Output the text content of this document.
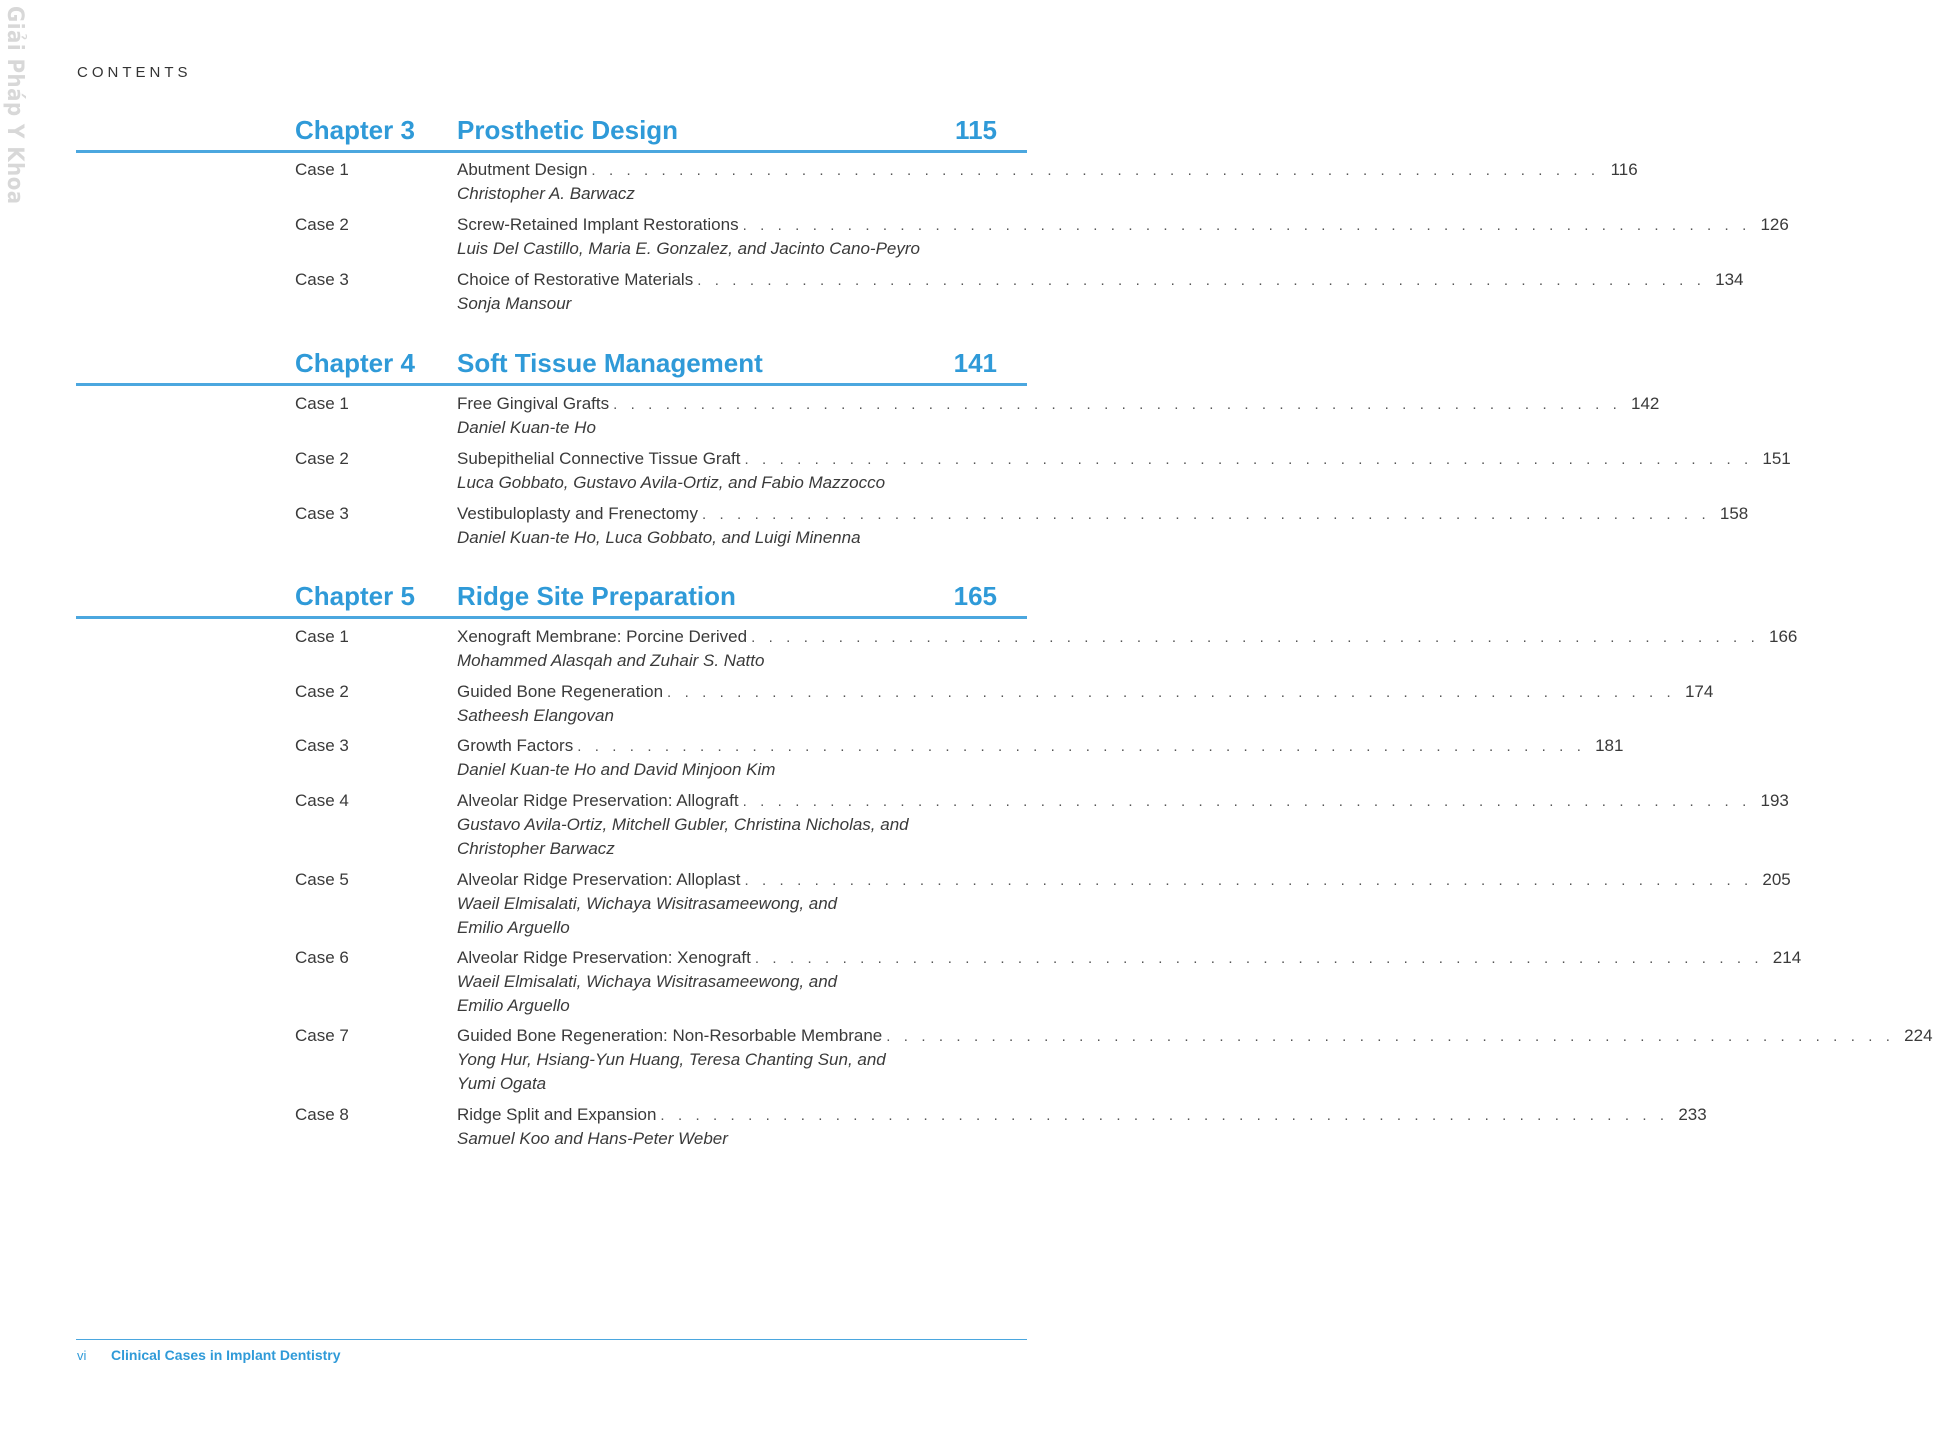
Giải Pháp Y Khoa	CONTENTS
Chapter 3 Prosthetic Design	115
Case 1	Abutment Design . . . . . . . . . . . . . . . . . . . . . . . . . . . . . . . . . . . . . . . . . . . . . . . . . . . . . . . . . . 116
Christopher A. Barwacz
Case 2	Screw-Retained Implant Restorations . . . . . . . . . . . . . . . . . . . . . . . . . . . . . . . . . . . . . . . . . . . . . . . . . . . . . . . . . . 126
Luis Del Castillo, Maria E. Gonzalez, and Jacinto Cano-Peyro
Case 3	Choice of Restorative Materials . . . . . . . . . . . . . . . . . . . . . . . . . . . . . . . . . . . . . . . . . . . . . . . . . . . . . . . . . . 134
Sonja Mansour
Chapter 4 Soft Tissue Management	141
Case 1	Free Gingival Grafts . . . . . . . . . . . . . . . . . . . . . . . . . . . . . . . . . . . . . . . . . . . . . . . . . . . . . . . . . . 142
Daniel Kuan-te Ho
Case 2	Subepithelial Connective Tissue Graft . . . . . . . . . . . . . . . . . . . . . . . . . . . . . . . . . . . . . . . . . . . . . . . . . . . . . . . . . . 151
Luca Gobbato, Gustavo Avila-Ortiz, and Fabio Mazzocco
Case 3	Vestibuloplasty and Frenectomy . . . . . . . . . . . . . . . . . . . . . . . . . . . . . . . . . . . . . . . . . . . . . . . . . . . . . . . . . . 158
Daniel Kuan-te Ho, Luca Gobbato, and Luigi Minenna
Chapter 5 Ridge Site Preparation	165
Case 1	Xenograft Membrane: Porcine Derived . . . . . . . . . . . . . . . . . . . . . . . . . . . . . . . . . . . . . . . . . . . . . . . . . . . . . . . . . . 166
Mohammed Alasqah and Zuhair S. Natto
Case 2	Guided Bone Regeneration . . . . . . . . . . . . . . . . . . . . . . . . . . . . . . . . . . . . . . . . . . . . . . . . . . . . . . . . . . 174
Satheesh Elangovan
Case 3	Growth Factors . . . . . . . . . . . . . . . . . . . . . . . . . . . . . . . . . . . . . . . . . . . . . . . . . . . . . . . . . . 181
Daniel Kuan-te Ho and David Minjoon Kim
Case 4	Alveolar Ridge Preservation: Allograft . . . . . . . . . . . . . . . . . . . . . . . . . . . . . . . . . . . . . . . . . . . . . . . . . . . . . . . . . . 193
Gustavo Avila-Ortiz, Mitchell Gubler, Christina Nicholas, and Christopher Barwacz
Case 5	Alveolar Ridge Preservation: Alloplast . . . . . . . . . . . . . . . . . . . . . . . . . . . . . . . . . . . . . . . . . . . . . . . . . . . . . . . . . . 205
Waeil Elmisalati, Wichaya Wisitrasameewong, and Emilio Arguello
Case 6	Alveolar Ridge Preservation: Xenograft . . . . . . . . . . . . . . . . . . . . . . . . . . . . . . . . . . . . . . . . . . . . . . . . . . . . . . . . . . 214
Waeil Elmisalati, Wichaya Wisitrasameewong, and Emilio Arguello
Case 7	Guided Bone Regeneration: Non-Resorbable Membrane . . . . . . . . . . . . . . . . . . . . . . . . . . . . . . . . . . . . . . . . . . . . . . . . . . . . . . . . . . 224
Yong Hur, Hsiang-Yun Huang, Teresa Chanting Sun, and Yumi Ogata
Case 8	Ridge Split and Expansion . . . . . . . . . . . . . . . . . . . . . . . . . . . . . . . . . . . . . . . . . . . . . . . . . . . . . . . . . . 233
Samuel Koo and Hans-Peter Weber
vi Clinical Cases in Implant Dentistry
